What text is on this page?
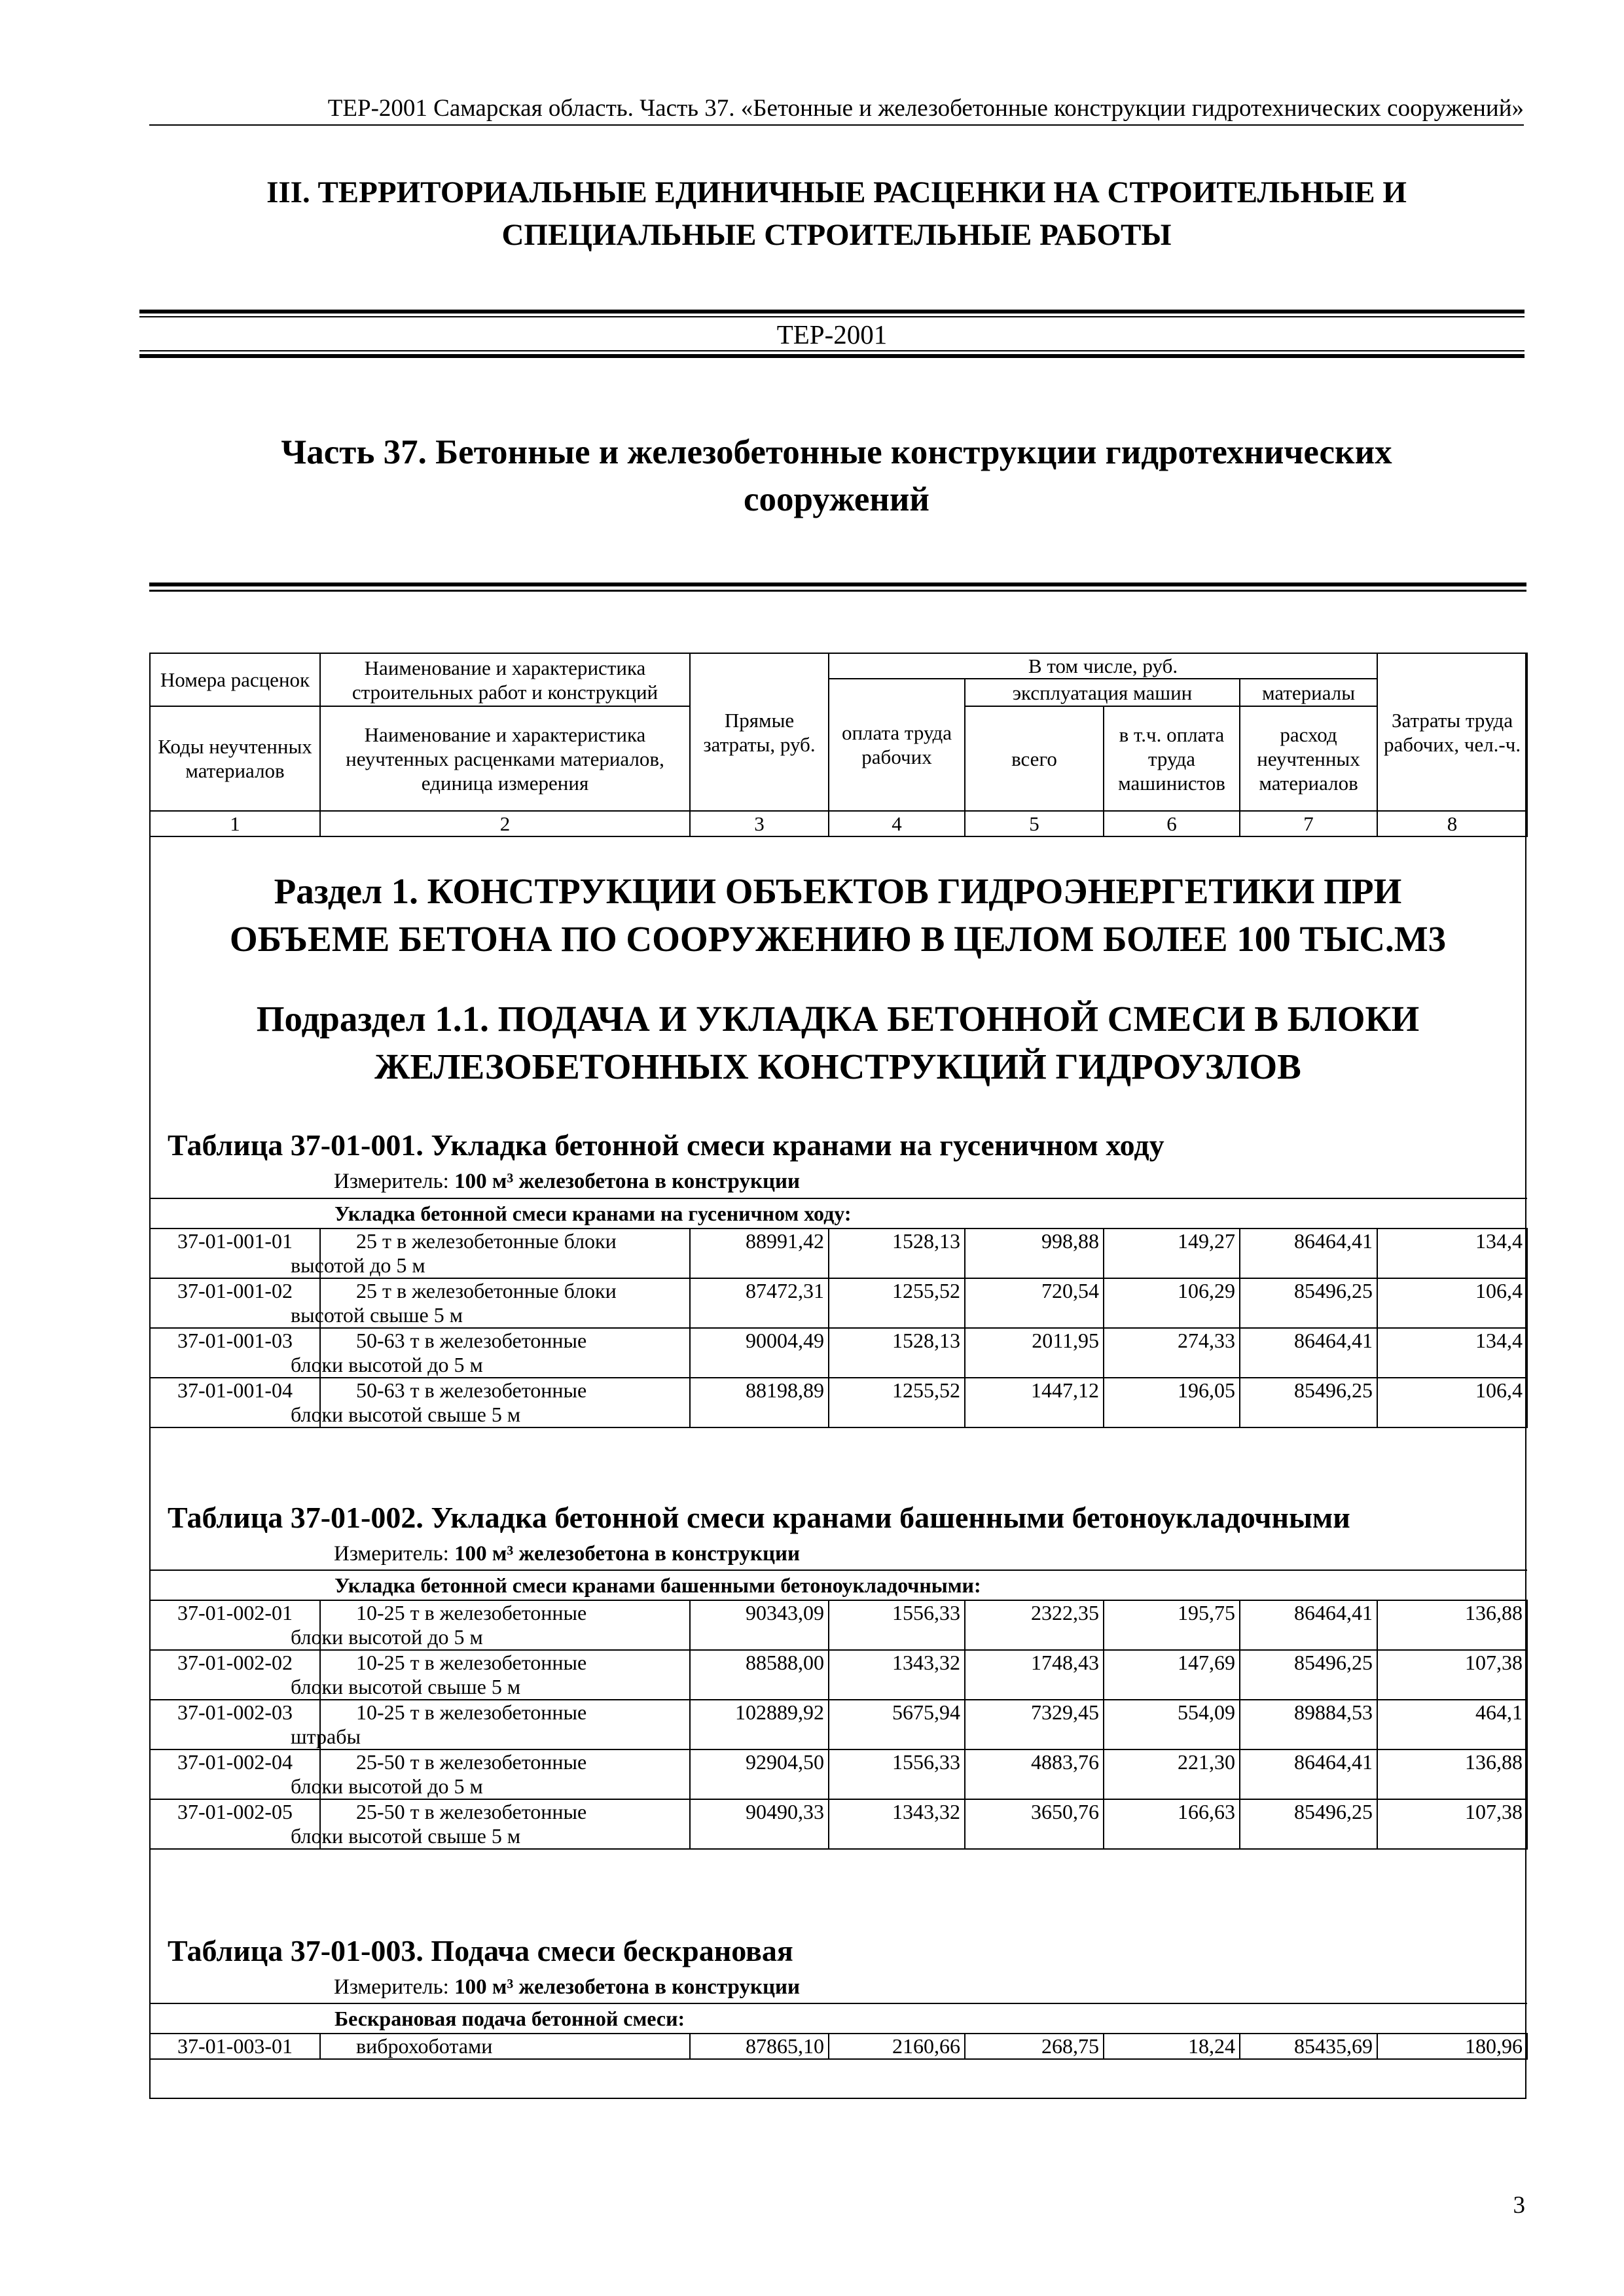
ТЕР-2001 Самарская область. Часть 37. «Бетонные и железобетонные конструкции гидротехнических сооружений»
III. ТЕРРИТОРИАЛЬНЫЕ ЕДИНИЧНЫЕ РАСЦЕНКИ НА СТРОИТЕЛЬНЫЕ И
СПЕЦИАЛЬНЫЕ СТРОИТЕЛЬНЫЕ РАБОТЫ
ТЕР-2001
Часть 37. Бетонные и железобетонные конструкции гидротехнических
сооружений
Номера расценок	Наименование и характеристика строительных работ и конструкций	Прямые затраты, руб.	В том числе, руб.				Затраты труда рабочих, чел.-ч.
			оплата труда рабочих	эксплуатация машин		материалы	
Коды неучтенных материалов	Наименование и характеристика неучтенных расценками материалов, единица измерения			всего	в т.ч. оплата труда машинистов	расход неучтенных материалов	
1	2	3	4	5	6	7	8
Раздел 1. КОНСТРУКЦИИ ОБЪЕКТОВ ГИДРОЭНЕРГЕТИКИ ПРИ
ОБЪЕМЕ БЕТОНА ПО СООРУЖЕНИЮ В ЦЕЛОМ БОЛЕЕ 100 ТЫС.М3
Подраздел 1.1. ПОДАЧА И УКЛАДКА БЕТОННОЙ СМЕСИ В БЛОКИ
ЖЕЛЕЗОБЕТОННЫХ КОНСТРУКЦИЙ ГИДРОУЗЛОВ
Таблица 37-01-001. Укладка бетонной смеси кранами на гусеничном ходу
Измеритель: 100 м³ железобетона в конструкции
Укладка бетонной смеси кранами на гусеничном ходу:							
37-01-001-01	25 т в железобетонные блоки
высотой до 5 м	88991,42	1528,13	998,88	149,27	86464,41	134,4
37-01-001-02	25 т в железобетонные блоки
высотой свыше 5 м	87472,31	1255,52	720,54	106,29	85496,25	106,4
37-01-001-03	50-63 т в железобетонные
блоки высотой до 5 м	90004,49	1528,13	2011,95	274,33	86464,41	134,4
37-01-001-04	50-63 т в железобетонные
блоки высотой свыше 5 м	88198,89	1255,52	1447,12	196,05	85496,25	106,4
Таблица 37-01-002. Укладка бетонной смеси кранами башенными бетоноукладочными
Измеритель: 100 м³ железобетона в конструкции
Укладка бетонной смеси кранами башенными бетоноукладочными:							
37-01-002-01	10-25 т в железобетонные
блоки высотой до 5 м	90343,09	1556,33	2322,35	195,75	86464,41	136,88
37-01-002-02	10-25 т в железобетонные
блоки высотой свыше 5 м	88588,00	1343,32	1748,43	147,69	85496,25	107,38
37-01-002-03	10-25 т в железобетонные
штрабы	102889,92	5675,94	7329,45	554,09	89884,53	464,1
37-01-002-04	25-50 т в железобетонные
блоки высотой до 5 м	92904,50	1556,33	4883,76	221,30	86464,41	136,88
37-01-002-05	25-50 т в железобетонные
блоки высотой свыше 5 м	90490,33	1343,32	3650,76	166,63	85496,25	107,38
Таблица 37-01-003. Подача смеси бескрановая
Измеритель: 100 м³ железобетона в конструкции
Бескрановая подача бетонной смеси:
37-01-003-01	виброхоботами	87865,10	2160,66	268,75	18,24	85435,69	180,96
3
